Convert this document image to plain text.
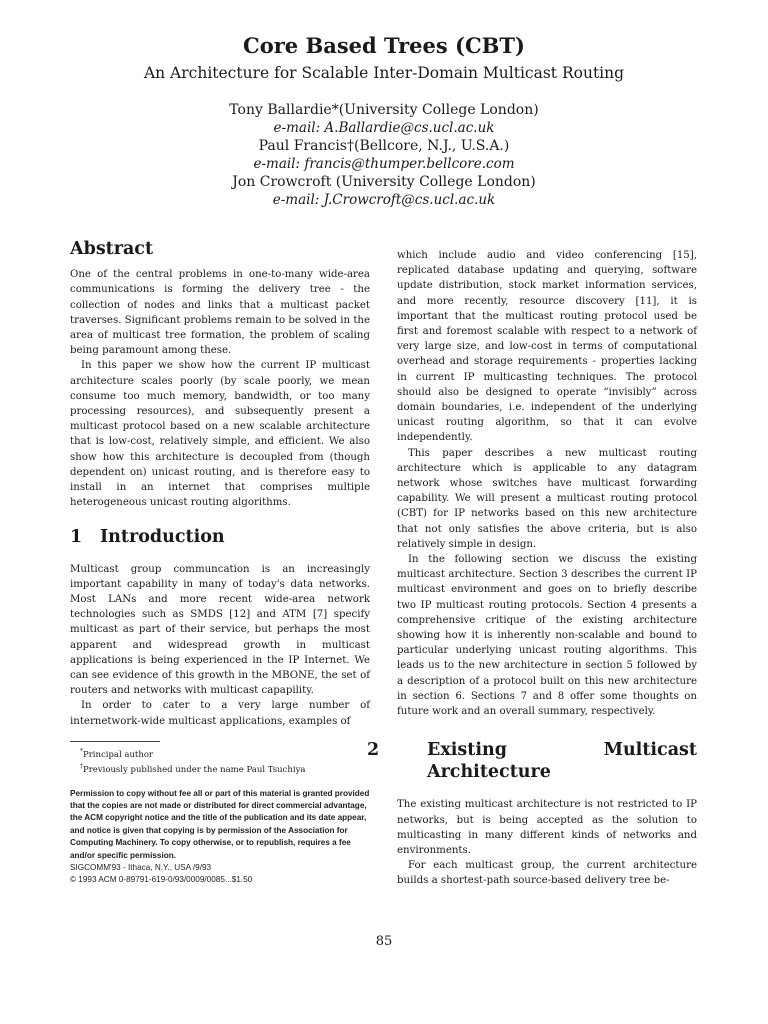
Core Based Trees (CBT)

An Architecture for Scalable Inter-Domain Multicast Routing

Tony Ballardie*(University College London)
e-mail: A.Ballardie@cs.ucl.ac.uk
Paul Francis†(Bellcore, N.J., U.S.A.)
e-mail: francis@thumper.bellcore.com
Jon Crowcroft (University College London)
e-mail: J.Crowcroft@cs.ucl.ac.uk
Abstract

One of the central problems in one-to-many wide-area communications is forming the delivery tree - the collection of nodes and links that a multicast packet traverses. Significant problems remain to be solved in the area of multicast tree formation, the problem of scaling being paramount among these.

In this paper we show how the current IP multicast architecture scales poorly (by scale poorly, we mean consume too much memory, bandwidth, or too many processing resources), and subsequently present a multicast protocol based on a new scalable architecture that is low-cost, relatively simple, and efficient. We also show how this architecture is decoupled from (though dependent on) unicast routing, and is therefore easy to install in an internet that comprises multiple heterogeneous unicast routing algorithms.

1 Introduction

Multicast group communcation is an increasingly important capability in many of today's data networks. Most LANs and more recent wide-area network technologies such as SMDS [12] and ATM [7] specify multicast as part of their service, but perhaps the most apparent and widespread growth in multicast applications is being experienced in the IP Internet. We can see evidence of this growth in the MBONE, the set of routers and networks with multicast capapility.

In order to cater to a very large number of internetwork-wide multicast applications, examples of

*Principal author

†Previously published under the name Paul Tsuchiya

Permission to copy without fee all or part of this material is granted provided that the copies are not made or distributed for direct commercial advantage, the ACM copyright notice and the title of the publication and its date appear, and notice is given that copying is by permission of the Association for Computing Machinery. To copy otherwise, or to republish, requires a fee and/or specific permission.
SIGCOMM'93 - Ithaca, N.Y., USA /9/93
© 1993 ACM 0-89791-619-0/93/0009/0085...$1.50

which include audio and video conferencing [15], replicated database updating and querying, software update distribution, stock market information services, and more recently, resource discovery [11], it is important that the multicast routing protocol used be first and foremost scalable with respect to a network of very large size, and low-cost in terms of computational overhead and storage requirements - properties lacking in current IP multicasting techniques. The protocol should also be designed to operate “invisibly” across domain boundaries, i.e. independent of the underlying unicast routing algorithm, so that it can evolve independently.

This paper describes a new multicast routing architecture which is applicable to any datagram network whose switches have multicast forwarding capability. We will present a multicast routing protocol (CBT) for IP networks based on this new architecture that not only satisfies the above criteria, but is also relatively simple in design.

In the following section we discuss the existing multicast architecture. Section 3 describes the current IP multicast environment and goes on to briefly describe two IP multicast routing protocols. Section 4 presents a comprehensive critique of the existing architecture showing how it is inherently non-scalable and bound to particular underlying unicast routing algorithms. This leads us to the new architecture in section 5 followed by a description of a protocol built on this new architecture in section 6. Sections 7 and 8 offer some thoughts on future work and an overall summary, respectively.

2	Existing Multicast Architecture

The existing multicast architecture is not restricted to IP networks, but is being accepted as the solution to multicasting in many different kinds of networks and environments.

For each multicast group, the current architecture builds a shortest-path source-based delivery tree be-

85
